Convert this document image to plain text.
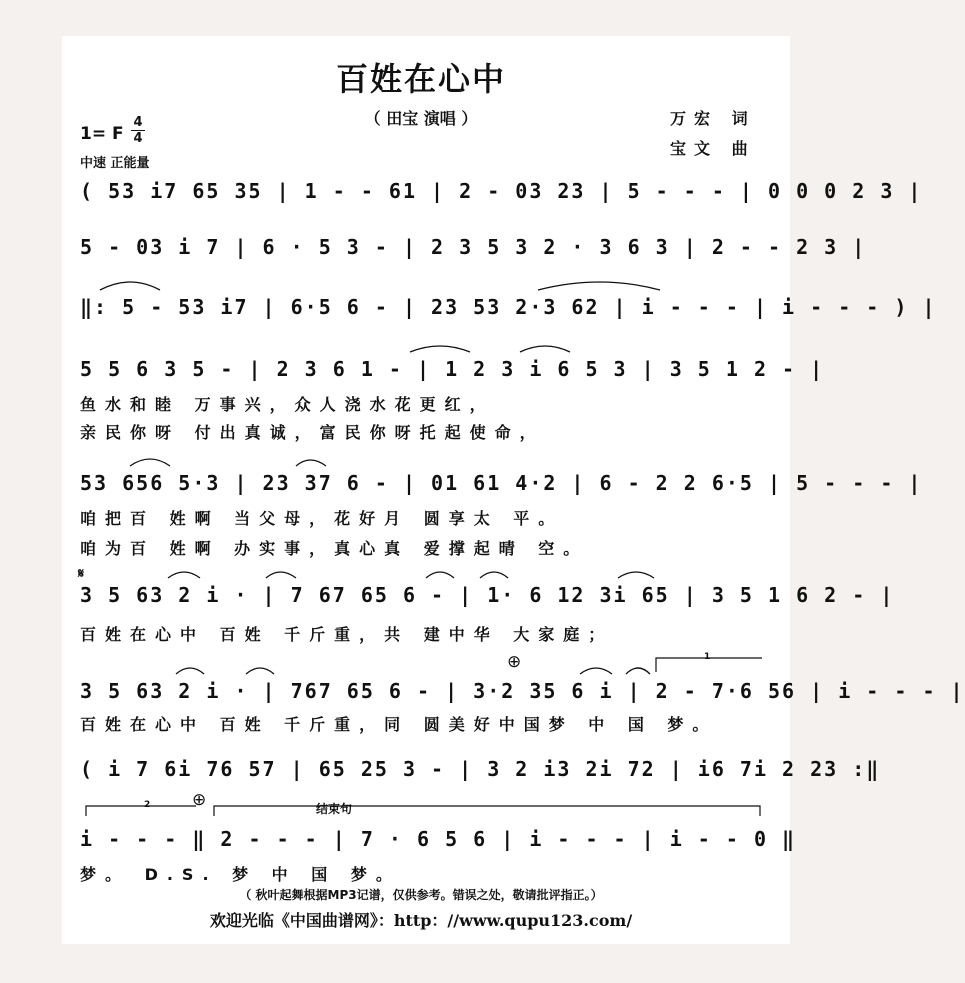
百姓在心中
（ 田宝 演唱 ）	万宏 词
宝文 曲
1= F
4
4
中速 正能量
( 53 i7 65 35 | 1 - - 61 | 2 - 03 23 | 5 - - - | 0 0 0 2 3 |
5 - 03 i 7 | 6 · 5 3 - | 2 3 5 3 2 · 3 6 3 | 2 - - 2 3 |
‖: 5 - 53 i7 | 6·5 6 - | 23 53 2·3 62 | i - - - | i - - - ) |
5 5 6 3 5 - | 2 3 6 1 - | 1 2 3 i 6 5 3 | 3 5 1 2 - |
鱼水和睦 万事兴，众人浇水花更红，
亲民你呀 付出真诚，富民你呀托起使命，
53 656 5·3 | 23 37 6 - | 01 61 4·2 | 6 - 2 2 6·5 | 5 - - - |
咱把百 姓啊 当父母，花好月 圆享太 平。
咱为百 姓啊 办实事，真心真 爱撑起晴 空。
𝄋
3 5 63 2 i · | 7 67 65 6 - | 1· 6 12 3i 65 | 3 5 1 6 2 - |
百姓在心中 百姓 千斤重，共 建中华 大家庭；
⊕
3 5 63 2 i · | 767 65 6 - | 3·2 35 6 i | 2 - 7·6 56 | i - - - |
百姓在心中 百姓 千斤重，同 圆美好中国梦 中 国 梦。
( i 7 6i 76 57 | 65 25 3 - | 3 2 i3 2i 72 | i6 7i 2 23 :‖
⊕
1
2	结束句
i - - - ‖ 2 - - - | 7 · 6 5 6 | i - - - | i - - 0 ‖
梦。 D.S. 梦 中 国 梦。
（ 秋叶起舞根据MP3记谱，仅供参考。错误之处，敬请批评指正。）
欢迎光临《中国曲谱网》：http：//www.qupu123.com/
